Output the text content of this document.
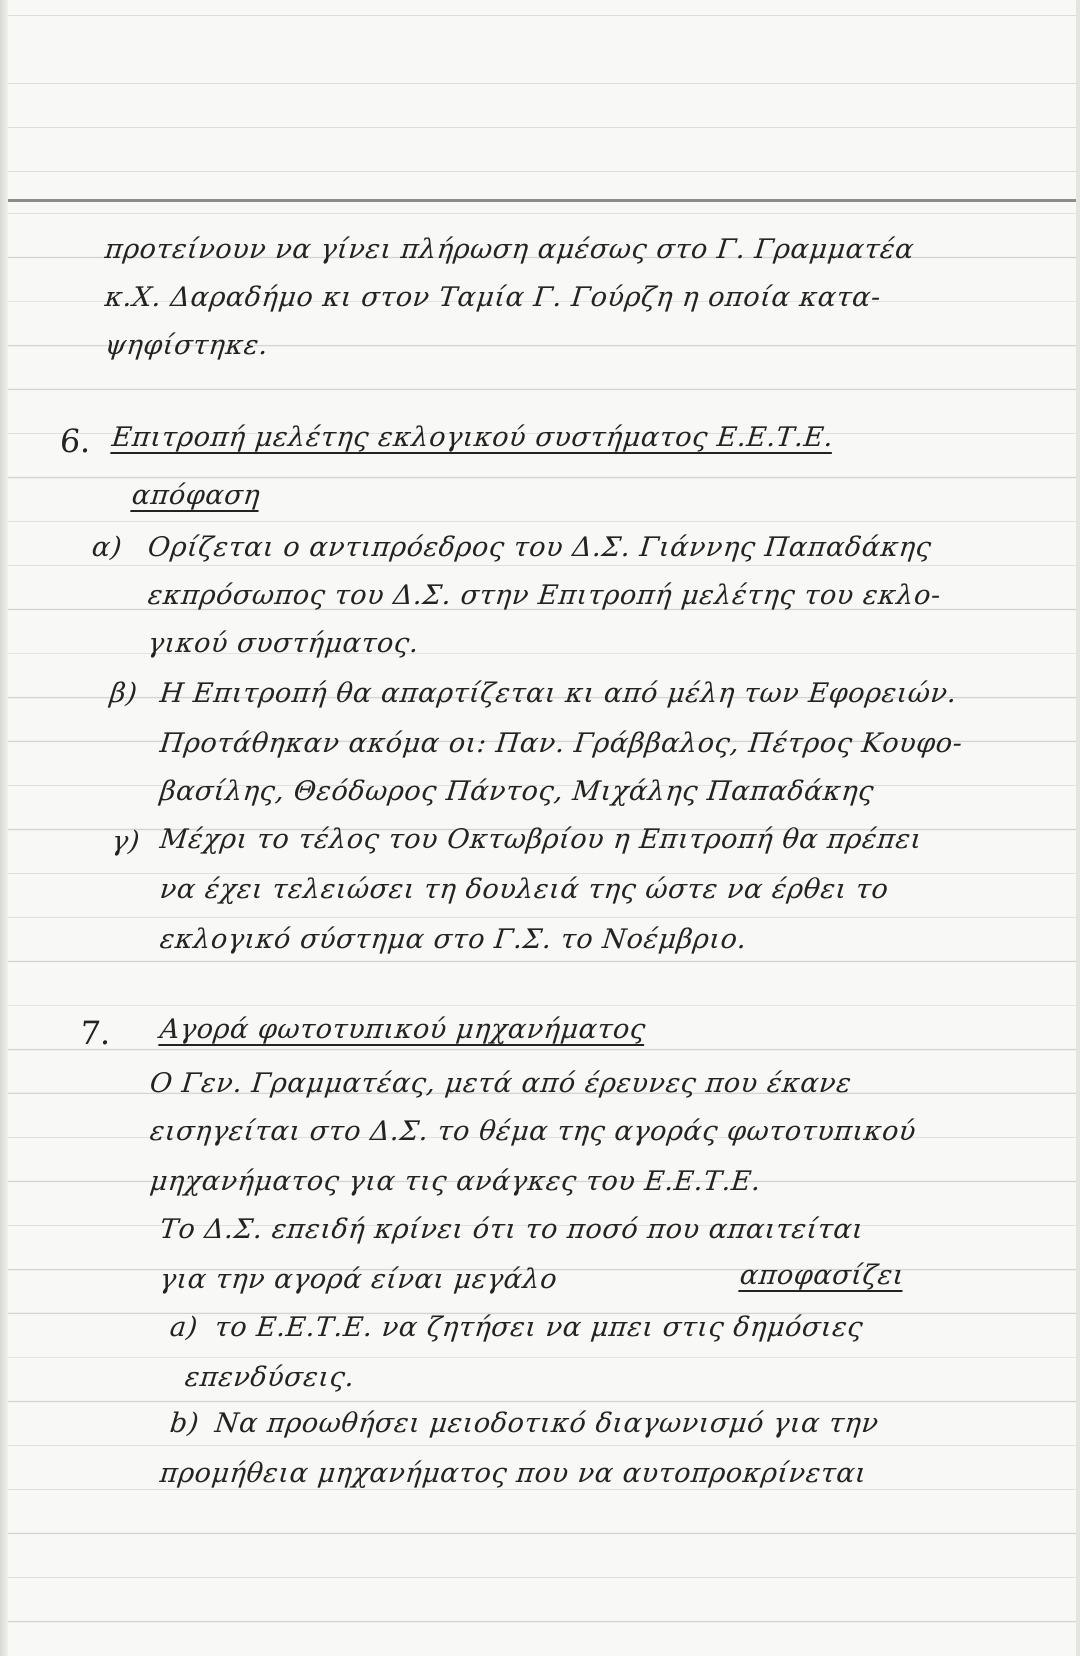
προτείνουν να γίνει πλήρωση αμέσως στο Γ. Γραμματέα
κ.Χ. Δαραδήμο κι στον Ταμία Γ. Γούρζη η οποία κατα-
ψηφίστηκε.
6. Επιτροπή μελέτης εκλογικού συστήματος Ε.Ε.Τ.Ε.
απόφαση
α) Ορίζεται ο αντιπρόεδρος του Δ.Σ. Γιάννης Παπαδάκης
εκπρόσωπος του Δ.Σ. στην Επιτροπή μελέτης του εκλο-
γικού συστήματος.
β) Η Επιτροπή θα απαρτίζεται κι από μέλη των Εφορειών.
Προτάθηκαν ακόμα οι: Παν. Γράββαλος, Πέτρος Κουφο-
βασίλης, Θεόδωρος Πάντος, Μιχάλης Παπαδάκης
γ) Μέχρι το τέλος του Οκτωβρίου η Επιτροπή θα πρέπει
να έχει τελειώσει τη δουλειά της ώστε να έρθει το
εκλογικό σύστημα στο Γ.Σ. το Νοέμβριο.
7. Αγορά φωτοτυπικού μηχανήματος
Ο Γεν. Γραμματέας, μετά από έρευνες που έκανε
εισηγείται στο Δ.Σ. το θέμα της αγοράς φωτοτυπικού
μηχανήματος για τις ανάγκες του Ε.Ε.Τ.Ε.
Το Δ.Σ. επειδή κρίνει ότι το ποσό που απαιτείται
για την αγορά είναι μεγάλο	αποφασίζει
a) το Ε.Ε.Τ.Ε. να ζητήσει να μπει στις δημόσιες
επενδύσεις.
b) Να προωθήσει μειοδοτικό διαγωνισμό για την
προμήθεια μηχανήματος που να αυτοπροκρίνεται
